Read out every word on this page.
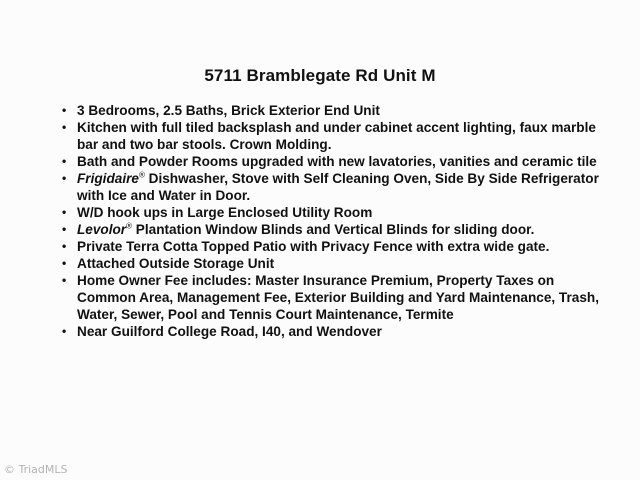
5711 Bramblegate Rd Unit M
• 3 Bedrooms, 2.5 Baths, Brick Exterior End Unit
• Kitchen with full tiled backsplash and under cabinet accent lighting, faux marble bar and two bar stools. Crown Molding.
• Bath and Powder Rooms upgraded with new lavatories, vanities and ceramic tile
• Frigidaire® Dishwasher, Stove with Self Cleaning Oven, Side By Side Refrigerator with Ice and Water in Door.
• W/D hook ups in Large Enclosed Utility Room
• Levolor® Plantation Window Blinds and Vertical Blinds for sliding door.
• Private Terra Cotta Topped Patio with Privacy Fence with extra wide gate.
• Attached Outside Storage Unit
• Home Owner Fee includes: Master Insurance Premium, Property Taxes on Common Area, Management Fee, Exterior Building and Yard Maintenance, Trash, Water, Sewer, Pool and Tennis Court Maintenance, Termite
• Near Guilford College Road, I40, and Wendover
© TriadMLS
